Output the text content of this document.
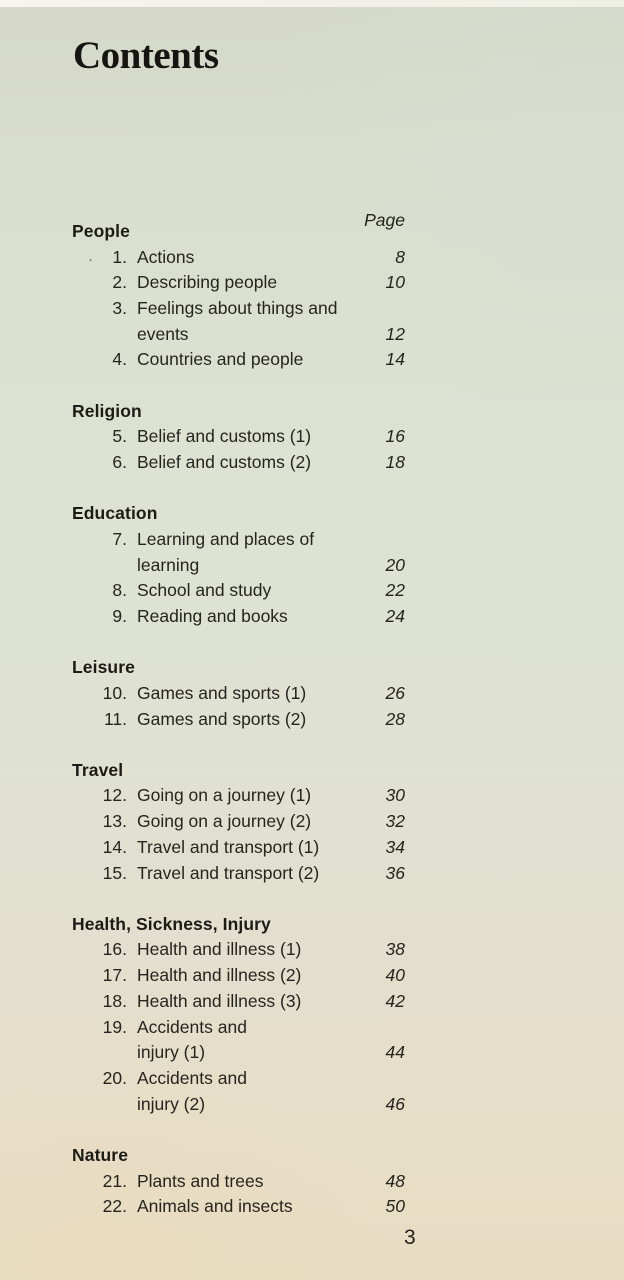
Contents
Page
People
1. Actions	8
2. Describing people	10
3. Feelings about things and
events	12
4. Countries and people	14
Religion
5. Belief and customs (1)	16
6. Belief and customs (2)	18
Education
7. Learning and places of
learning	20
8. School and study	22
9. Reading and books	24
Leisure
10. Games and sports (1)	26
11. Games and sports (2)	28
Travel
12. Going on a journey (1)	30
13. Going on a journey (2)	32
14. Travel and transport (1)	34
15. Travel and transport (2)	36
Health, Sickness, Injury
16. Health and illness (1)	38
17. Health and illness (2)	40
18. Health and illness (3)	42
19. Accidents and
injury (1)	44
20. Accidents and
injury (2)	46
Nature
21. Plants and trees	48
22. Animals and insects	50
·
3
